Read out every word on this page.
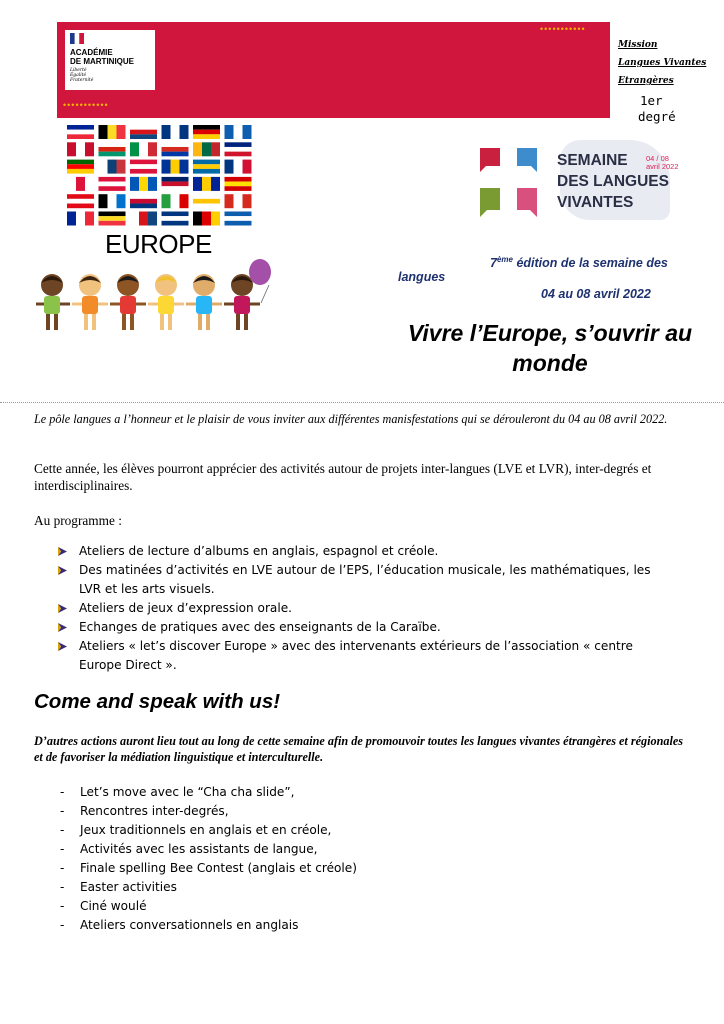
ACADÉMIE
DE MARTINIQUE
Liberté
Égalité
Fraternité
•••••••••••
•••••••••••
Mission
Langues Vivantes
Etrangères
1er
degré
EUROPE
SEMAINE
DES LANGUES
VIVANTES
04 / 08
avril 2022
7ème édition de la semaine des
langues
04 au 08 avril 2022
Vivre l’Europe, s’ouvrir au
monde
Le pôle langues a l’honneur et le plaisir de vous inviter aux différentes manisfestations qui se dérouleront du 04 au 08 avril 2022.
Cette année, les élèves pourront apprécier des activités autour de projets inter-langues (LVE et LVR), inter-degrés et interdisciplinaires.
Au programme :
Ateliers de lecture d’albums en anglais, espagnol et créole.
Des matinées d’activités en LVE autour de l’EPS, l’éducation musicale, les mathématiques, les LVR et les arts visuels.
Ateliers de jeux d’expression orale.
Echanges de pratiques avec des enseignants de la Caraïbe.
Ateliers « let’s discover Europe » avec des intervenants extérieurs de l’association « centre Europe Direct ».
Come and speak with us!
D’autres actions auront lieu tout au long de cette semaine afin de promouvoir toutes les langues vivantes étrangères et régionales et de favoriser la médiation linguistique et interculturelle.
- Let’s move avec le “Cha cha slide”,
- Rencontres inter-degrés,
- Jeux traditionnels en anglais et en créole,
- Activités avec les assistants de langue,
- Finale spelling Bee Contest (anglais et créole)
- Easter activities
- Ciné woulé
- Ateliers conversationnels en anglais
